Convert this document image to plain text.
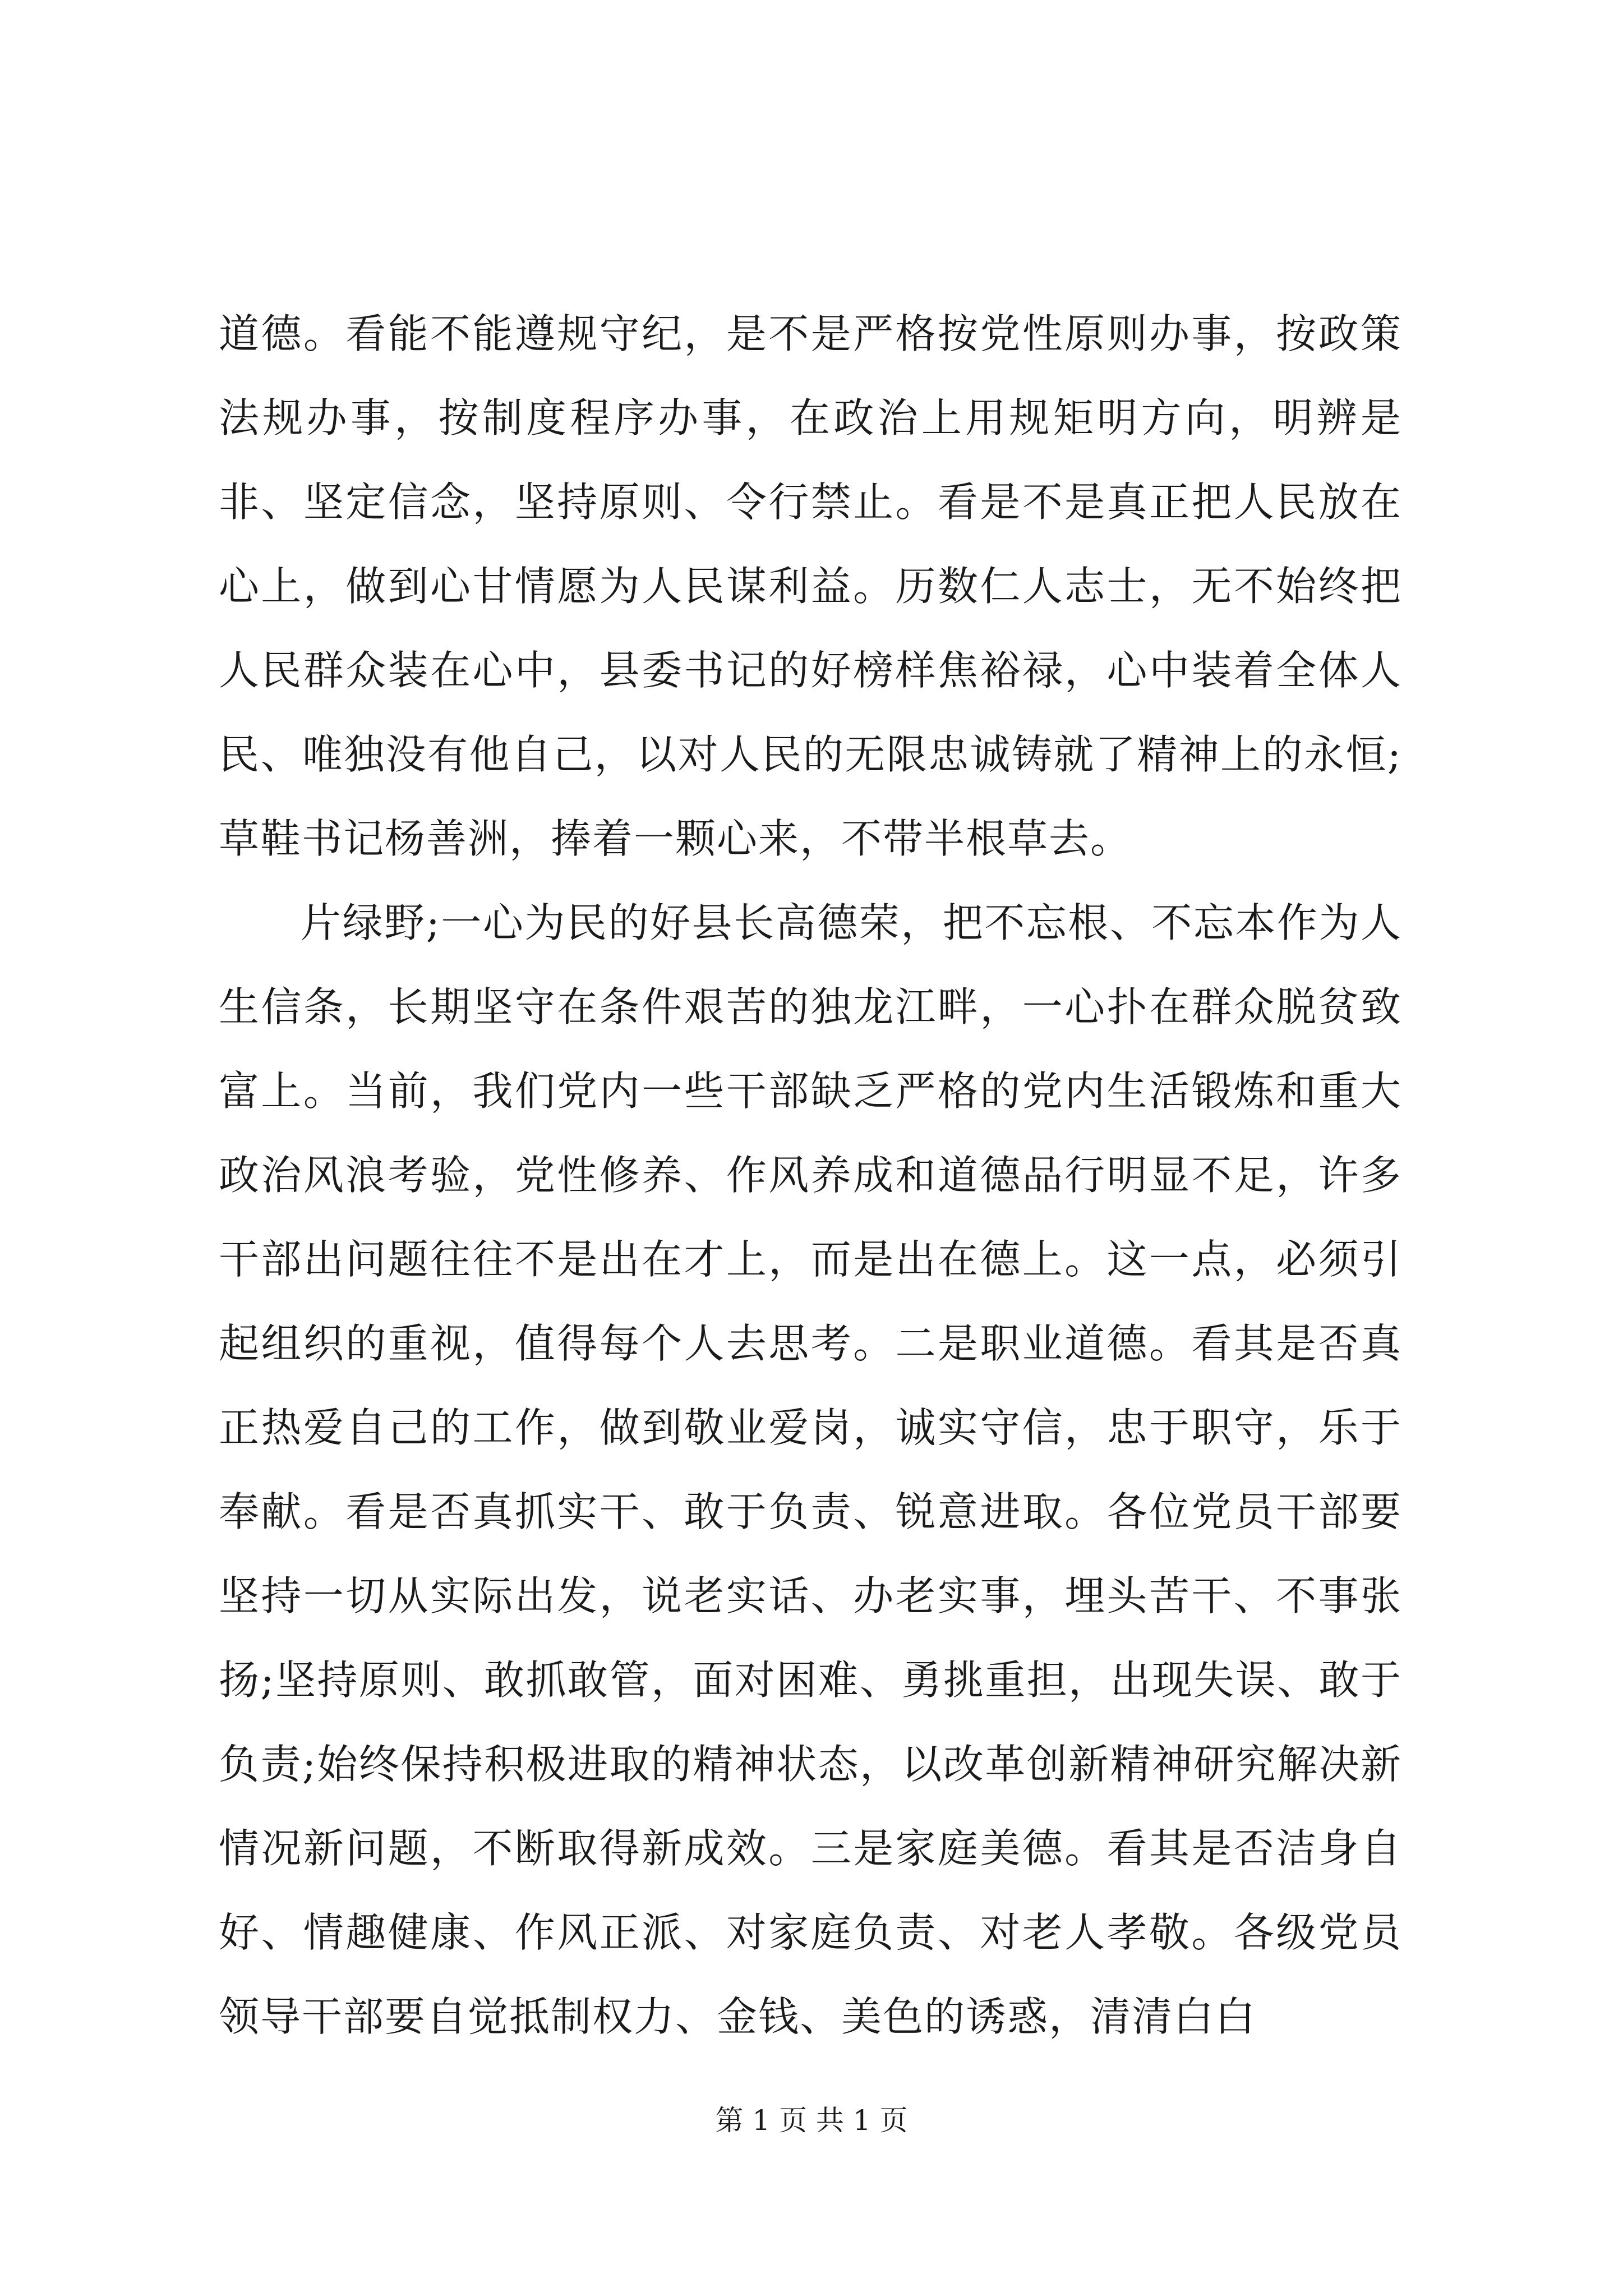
道德。看能不能遵规守纪，是不是严格按党性原则办事，按政策法规办事，按制度程序办事，在政治上用规矩明方向，明辨是非、坚定信念，坚持原则、令行禁止。看是不是真正把人民放在心上，做到心甘情愿为人民谋利益。历数仁人志士，无不始终把人民群众装在心中，县委书记的好榜样焦裕禄，心中装着全体人民、唯独没有他自己，以对人民的无限忠诚铸就了精神上的永恒;草鞋书记杨善洲，捧着一颗心来，不带半根草去。

片绿野;一心为民的好县长高德荣，把不忘根、不忘本作为人生信条，长期坚守在条件艰苦的独龙江畔，一心扑在群众脱贫致富上。当前，我们党内一些干部缺乏严格的党内生活锻炼和重大政治风浪考验，党性修养、作风养成和道德品行明显不足，许多干部出问题往往不是出在才上，而是出在德上。这一点，必须引起组织的重视，值得每个人去思考。二是职业道德。看其是否真正热爱自己的工作，做到敬业爱岗，诚实守信，忠于职守，乐于奉献。看是否真抓实干、敢于负责、锐意进取。各位党员干部要坚持一切从实际出发，说老实话、办老实事，埋头苦干、不事张扬;坚持原则、敢抓敢管，面对困难、勇挑重担，出现失误、敢于负责;始终保持积极进取的精神状态，以改革创新精神研究解决新情况新问题，不断取得新成效。三是家庭美德。看其是否洁身自好、情趣健康、作风正派、对家庭负责、对老人孝敬。各级党员领导干部要自觉抵制权力、金钱、美色的诱惑，清清白白

第 1 页 共 1 页
